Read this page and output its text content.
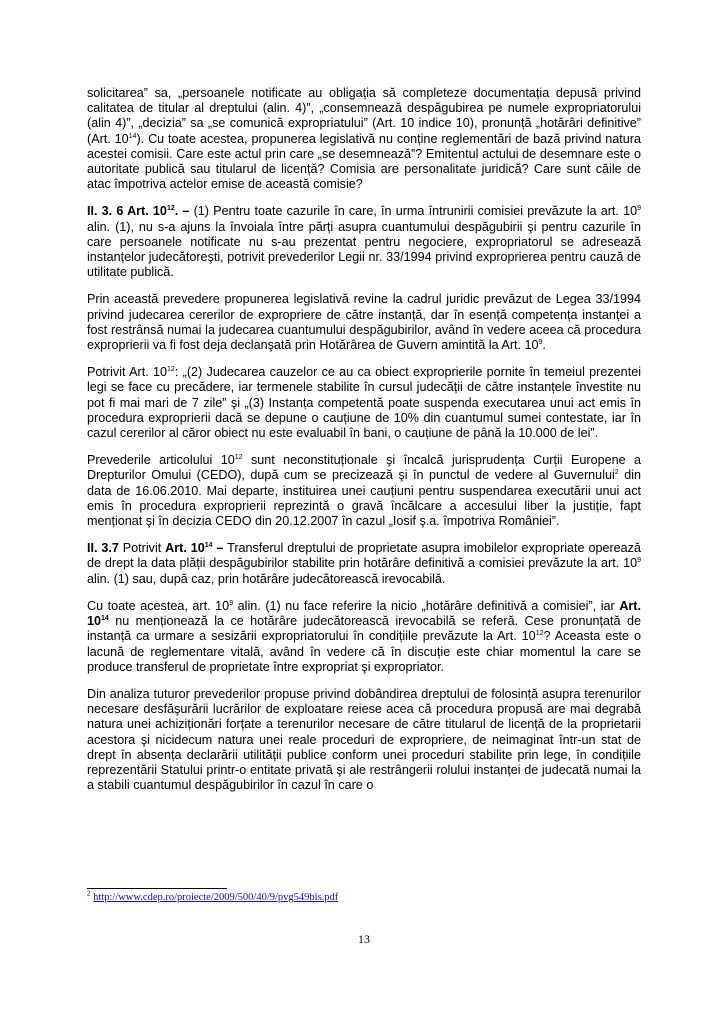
solicitarea” sa, „persoanele notificate au obligația să completeze documentația depusă privind calitatea de titular al dreptului (alin. 4)”, „consemnează despăgubirea pe numele expropriatorului (alin 4)”, „decizia” sa „se comunică expropriatului” (Art. 10 indice 10), pronunță „hotărâri definitive” (Art. $10^{14}$). Cu toate acestea, propunerea legislativă nu conține reglementări de bază privind natura acestei comisii. Care este actul prin care „se desemnează”? Emitentul actului de desemnare este o autoritate publică sau titularul de licență? Comisia are personalitate juridică? Care sunt căile de atac împotriva actelor emise de această comisie?

II. 3. 6 Art. $10^{12}$. – (1) Pentru toate cazurile în care, în urma întrunirii comisiei prevăzute la art. $10^9$ alin. (1), nu s-a ajuns la învoiala între părți asupra cuantumului despăgubirii şi pentru cazurile în care persoanele notificate nu s-au prezentat pentru negociere, expropriatorul se adresează instanțelor judecătoreşti, potrivit prevederilor Legii nr. 33/1994 privind exproprierea pentru cauză de utilitate publică.

Prin această prevedere propunerea legislativă revine la cadrul juridic prevăzut de Legea 33/1994 privind judecarea cererilor de expropriere de către instanță, dar în esență competența instanței a fost restrânsă numai la judecarea cuantumului despăgubirilor, având în vedere aceea că procedura exproprierii va fi fost deja declanşată prin Hotărârea de Guvern amintită la Art. $10^9$.

Potrivit Art. $10^{12}$: „(2) Judecarea cauzelor ce au ca obiect exproprierile pornite în temeiul prezentei legi se face cu precădere, iar termenele stabilite în cursul judecății de către instanțele învestite nu pot fi mai mari de 7 zile” şi „(3) Instanța competentă poate suspenda executarea unui act emis în procedura exproprierii dacă se depune o cauțiune de 10% din cuantumul sumei contestate, iar în cazul cererilor al căror obiect nu este evaluabil în bani, o cauțiune de până la 10.000 de lei”.

Prevederile articolului $10^{12}$ sunt neconstituționale şi încalcă jurisprudența Curții Europene a Drepturilor Omului (CEDO), după cum se precizează şi în punctul de vedere al Guvernului$^2$ din data de 16.06.2010. Mai departe, instituirea unei cauțiuni pentru suspendarea executării unui act emis în procedura exproprierii reprezintă o gravă încălcare a accesului liber la justiție, fapt menționat şi în decizia CEDO din 20.12.2007 în cazul „Iosif ş.a. împotriva României”.

II. 3.7 Potrivit Art. $10^{14}$ – Transferul dreptului de proprietate asupra imobilelor expropriate operează de drept la data plății despăgubirilor stabilite prin hotărâre definitivă a comisiei prevăzute la art. $10^9$ alin. (1) sau, după caz, prin hotărâre judecătorească irevocabilă.

Cu toate acestea, art. $10^9$ alin. (1) nu face referire la nicio „hotărâre definitivă a comisiei”, iar Art. $10^{14}$ nu menționează la ce hotărâre judecătorească irevocabilă se referă. Cese pronunțată de instanță ca urmare a sesizării expropriatorului în condițiile prevăzute la Art. $10^{12}$? Aceasta este o lacună de reglementare vitală, având în vedere că în discuție este chiar momentul la care se produce transferul de proprietate între expropriat şi expropriator.

Din analiza tuturor prevederilor propuse privind dobândirea dreptului de folosință asupra terenurilor necesare desfăşurării lucrărilor de exploatare reiese acea că procedura propusă are mai degrabă natura unei achiziționări forțate a terenurilor necesare de către titularul de licență de la proprietarii acestora şi nicidecum natura unei reale proceduri de expropriere, de neimaginat într-un stat de drept în absența declarării utilității publice conform unei proceduri stabilite prin lege, în condițiile reprezentării Statului printr-o entitate privată şi ale restrângerii rolului instanței de judecată numai la a stabili cuantumul despăgubirilor în cazul în care o

$^2$ http://www.cdep.ro/proiecte/2009/500/40/9/pvg549bis.pdf
13
